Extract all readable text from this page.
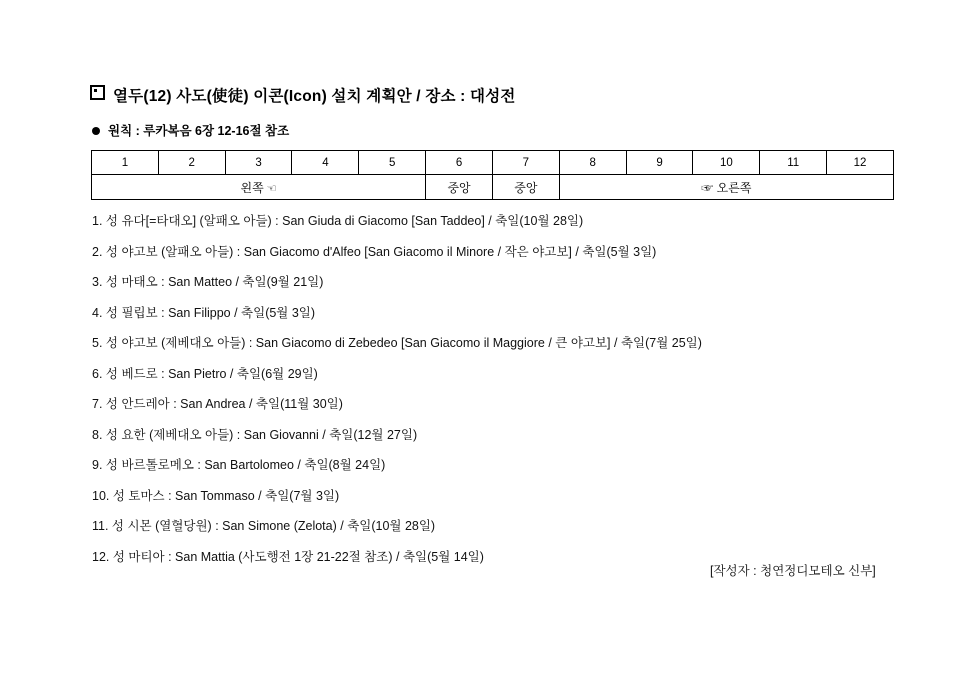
열두(12) 사도(使徒) 이콘(Icon) 설치 계획안 / 장소 : 대성전
원칙 : 루카복음 6장 12-16절 참조
1	2	3	4	5	6	7	8	9	10	11	12
왼쪽 ☜					중앙	중앙	☞ 오른쪽				
1. 성 유다[=타대오] (알패오 아들) : San Giuda di Giacomo [San Taddeo] / 축일(10월 28일)
2. 성 야고보 (알패오 아들) : San Giacomo d'Alfeo [San Giacomo il Minore / 작은 야고보] / 축일(5월 3일)
3. 성 마태오 : San Matteo / 축일(9월 21일)
4. 성 필립보 : San Filippo / 축일(5월 3일)
5. 성 야고보 (제베대오 아들) : San Giacomo di Zebedeo [San Giacomo il Maggiore / 큰 야고보] / 축일(7월 25일)
6. 성 베드로 : San Pietro / 축일(6월 29일)
7. 성 안드레아 : San Andrea / 축일(11월 30일)
8. 성 요한 (제베대오 아들) : San Giovanni / 축일(12월 27일)
9. 성 바르톨로메오 : San Bartolomeo / 축일(8월 24일)
10. 성 토마스 : San Tommaso / 축일(7월 3일)
11. 성 시몬 (열혈당원) : San Simone (Zelota) / 축일(10월 28일)
12. 성 마티아 : San Mattia (사도행전 1장 21-22절 참조) / 축일(5월 14일)
[작성자 : 청연정디모테오 신부]
